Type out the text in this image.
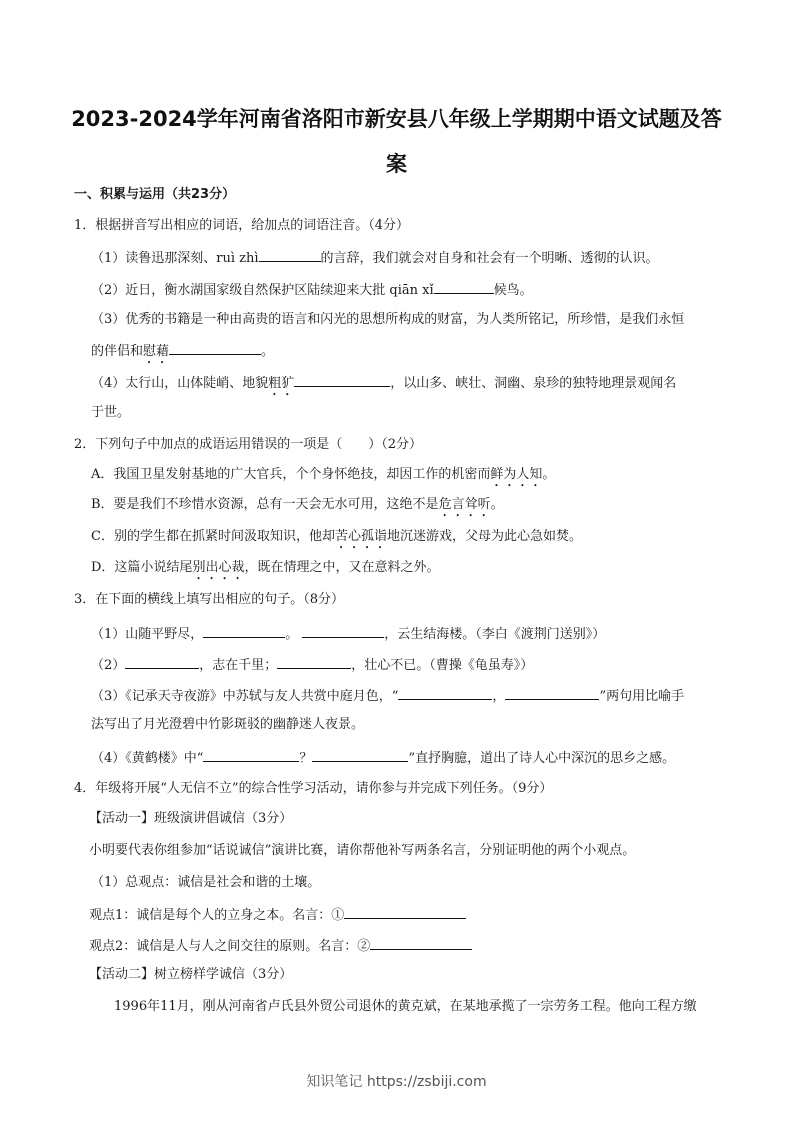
2023-2024学年河南省洛阳市新安县八年级上学期期中语文试题及答
案
一、积累与运用（共23分）
1．根据拼音写出相应的词语，给加点的词语注音。（4分）
（1）读鲁迅那深刻、ruì zhì	的言辞，我们就会对自身和社会有一个明晰、透彻的认识。
（2）近日，衡水湖国家级自然保护区陆续迎来大批 qiān xǐ	候鸟。
（3）优秀的书籍是一种由高贵的语言和闪光的思想所构成的财富，为人类所铭记，所珍惜，是我们永恒
的伴侣和慰藉	。
（4）太行山，山体陡峭、地貌粗犷	，以山多、峡壮、洞幽、泉珍的独特地理景观闻名
于世。
2．下列句子中加点的成语运用错误的一项是（　　）（2分）
A．我国卫星发射基地的广大官兵，个个身怀绝技，却因工作的机密而鲜为人知。
B．要是我们不珍惜水资源，总有一天会无水可用，这绝不是危言耸听。
C．别的学生都在抓紧时间汲取知识，他却苦心孤诣地沉迷游戏，父母为此心急如焚。
D．这篇小说结尾别出心裁，既在情理之中，又在意料之外。
3．在下面的横线上填写出相应的句子。（8分）
（1）山随平野尽，	。	，云生结海楼。（李白《渡荆门送别》）
（2）	，志在千里；	，壮心不已。（曹操《龟虽寿》）
（3）《记承天寺夜游》中苏轼与友人共赏中庭月色，“	，	”两句用比喻手
法写出了月光澄碧中竹影斑驳的幽静迷人夜景。
（4）《黄鹤楼》中“	？	”直抒胸臆，道出了诗人心中深沉的思乡之感。
4．年级将开展“人无信不立”的综合性学习活动，请你参与并完成下列任务。（9分）
【活动一】班级演讲倡诚信（3分）
小明要代表你组参加“话说诚信”演讲比赛，请你帮他补写两条名言，分别证明他的两个小观点。
（1）总观点：诚信是社会和谐的土壤。
观点1：诚信是每个人的立身之本。名言：①
观点2：诚信是人与人之间交往的原则。名言：②
【活动二】树立榜样学诚信（3分）
1996年11月，刚从河南省卢氏县外贸公司退休的黄克斌，在某地承揽了一宗劳务工程。他向工程方缴
知识笔记 https://zsbiji.com
